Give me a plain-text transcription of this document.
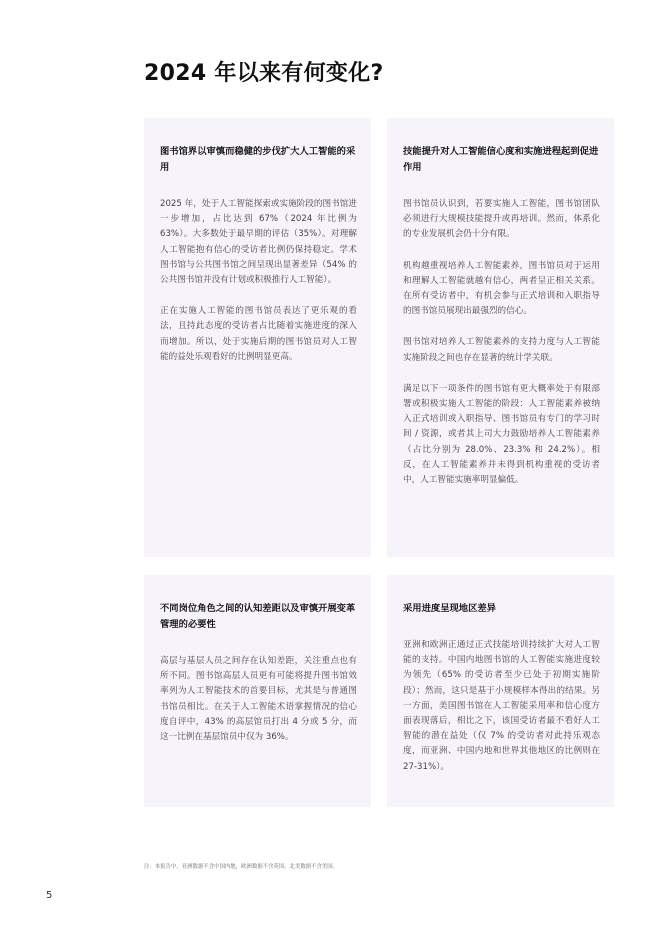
2024 年以来有何变化?
图书馆界以审慎而稳健的步伐扩大人工智能的采用

2025 年，处于人工智能探索或实施阶段的图书馆进一步增加，占比达到 67%（2024 年比例为 63%）。大多数处于最早期的评估（35%）。对理解人工智能抱有信心的受访者比例仍保持稳定。学术图书馆与公共图书馆之间呈现出显著差异（54% 的公共图书馆并没有计划或积极推行人工智能）。

正在实施人工智能的图书馆员表达了更乐观的看法，且持此态度的受访者占比随着实施进度的深入而增加。所以，处于实施后期的图书馆员对人工智能的益处乐观看好的比例明显更高。

技能提升对人工智能信心度和实施进程起到促进作用

图书馆员认识到，若要实施人工智能，图书馆团队必须进行大规模技能提升或再培训。然而，体系化的专业发展机会仍十分有限。

机构越重视培养人工智能素养，图书馆员对于运用和理解人工智能就越有信心，两者呈正相关关系。在所有受访者中，有机会参与正式培训和入职指导的图书馆员展现出最强烈的信心。

图书馆对培养人工智能素养的支持力度与人工智能实施阶段之间也存在显著的统计学关联。

满足以下一项条件的图书馆有更大概率处于有限部署或积极实施人工智能的阶段：人工智能素养被纳入正式培训或入职指导、图书馆员有专门的学习时间 / 资源，或者其上司大力鼓励培养人工智能素养（占比分别为 28.0%、23.3% 和 24.2%）。相反，在人工智能素养并未得到机构重视的受访者中，人工智能实施率明显偏低。

不同岗位角色之间的认知差距以及审慎开展变革管理的必要性

高层与基层人员之间存在认知差距，关注重点也有所不同。图书馆高层人员更有可能将提升图书馆效率列为人工智能技术的首要目标，尤其是与普通图书馆员相比。在关于人工智能术语掌握情况的信心度自评中，43% 的高层馆员打出 4 分或 5 分，而这一比例在基层馆员中仅为 36%。

采用进度呈现地区差异

亚洲和欧洲正通过正式技能培训持续扩大对人工智能的支持。中国内地图书馆的人工智能实施进度较为领先（65% 的受访者至少已处于初期实施阶段）；然而，这只是基于小规模样本得出的结果。另一方面，美国图书馆在人工智能采用率和信心度方面表现落后，相比之下，该国受访者最不看好人工智能的潜在益处（仅 7% 的受访者对此持乐观态度，而亚洲、中国内地和世界其他地区的比例则在 27-31%）。

注：本报告中，亚洲数据不含中国内地，欧洲数据不含英国，北美数据不含美国。
5
